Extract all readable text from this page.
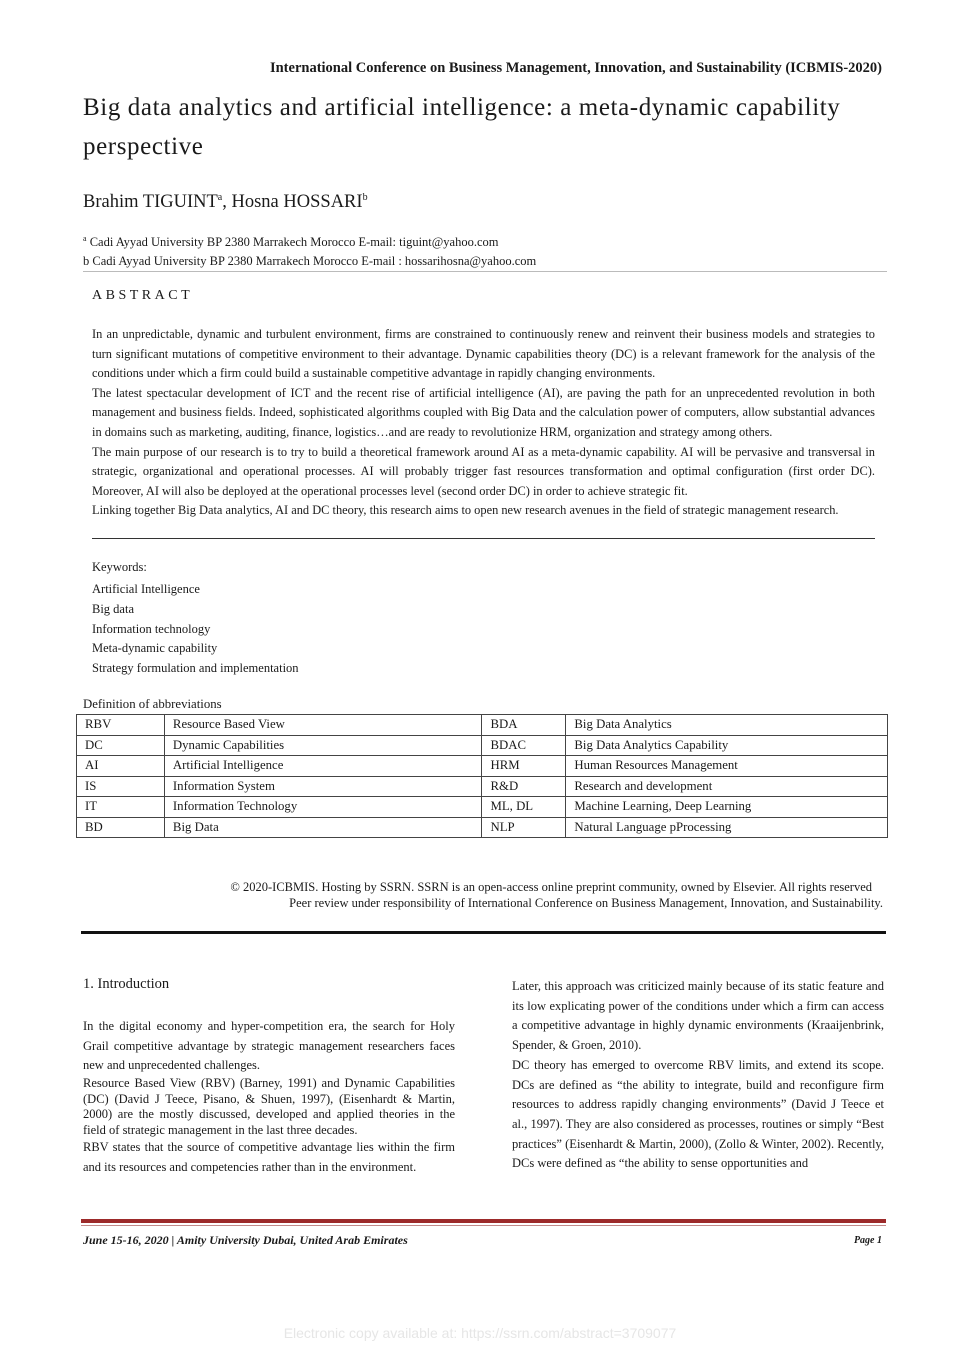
International Conference on Business Management, Innovation, and Sustainability (ICBMIS-2020)
Big data analytics and artificial intelligence: a meta-dynamic capability perspective
Brahim TIGUINT$^a$, Hosna HOSSARI$^b$
$^a$ Cadi Ayyad University BP 2380 Marrakech Morocco E-mail: tiguint@yahoo.com
b Cadi Ayyad University BP 2380 Marrakech Morocco E-mail : hossarihosna@yahoo.com
ABSTRACT

In an unpredictable, dynamic and turbulent environment, firms are constrained to continuously renew and reinvent their business models and strategies to turn significant mutations of competitive environment to their advantage. Dynamic capabilities theory (DC) is a relevant framework for the analysis of the conditions under which a firm could build a sustainable competitive advantage in rapidly changing environments.

The latest spectacular development of ICT and the recent rise of artificial intelligence (AI), are paving the path for an unprecedented revolution in both management and business fields. Indeed, sophisticated algorithms coupled with Big Data and the calculation power of computers, allow substantial advances in domains such as marketing, auditing, finance, logistics…and are ready to revolutionize HRM, organization and strategy among others.

The main purpose of our research is to try to build a theoretical framework around AI as a meta-dynamic capability. AI will be pervasive and transversal in strategic, organizational and operational processes. AI will probably trigger fast resources transformation and optimal configuration (first order DC). Moreover, AI will also be deployed at the operational processes level (second order DC) in order to achieve strategic fit.

Linking together Big Data analytics, AI and DC theory, this research aims to open new research avenues in the field of strategic management research.

Keywords:
Artificial Intelligence
Big data
Information technology
Meta-dynamic capability
Strategy formulation and implementation
Definition of abbreviations
RBV	Resource Based View	BDA	Big Data Analytics
DC	Dynamic Capabilities	BDAC	Big Data Analytics Capability
AI	Artificial Intelligence	HRM	Human Resources Management
IS	Information System	R&D	Research and development
IT	Information Technology	ML, DL	Machine Learning, Deep Learning
BD	Big Data	NLP	Natural Language pProcessing
© 2020-ICBMIS. Hosting by SSRN. SSRN is an open-access online preprint community, owned by Elsevier. All rights reserved
Peer review under responsibility of International Conference on Business Management, Innovation, and Sustainability.
1. Introduction

In the digital economy and hyper-competition era, the search for Holy Grail competitive advantage by strategic management researchers faces new and unprecedented challenges.

Resource Based View (RBV) (Barney, 1991) and Dynamic Capabilities (DC) (David J Teece, Pisano, & Shuen, 1997), (Eisenhardt & Martin, 2000) are the mostly discussed, developed and applied theories in the field of strategic management in the last three decades.

RBV states that the source of competitive advantage lies within the firm and its resources and competencies rather than in the environment.

Later, this approach was criticized mainly because of its static feature and its low explicating power of the conditions under which a firm can access a competitive advantage in highly dynamic environments (Kraaijenbrink, Spender, & Groen, 2010).

DC theory has emerged to overcome RBV limits, and extend its scope. DCs are defined as “the ability to integrate, build and reconfigure firm resources to address rapidly changing environments” (David J Teece et al., 1997). They are also considered as processes, routines or simply “Best practices” (Eisenhardt & Martin, 2000), (Zollo & Winter, 2002). Recently, DCs were defined as “the ability to sense opportunities and

June 15-16, 2020 | Amity University Dubai, United Arab Emirates	Page 1
Electronic copy available at: https://ssrn.com/abstract=3709077
